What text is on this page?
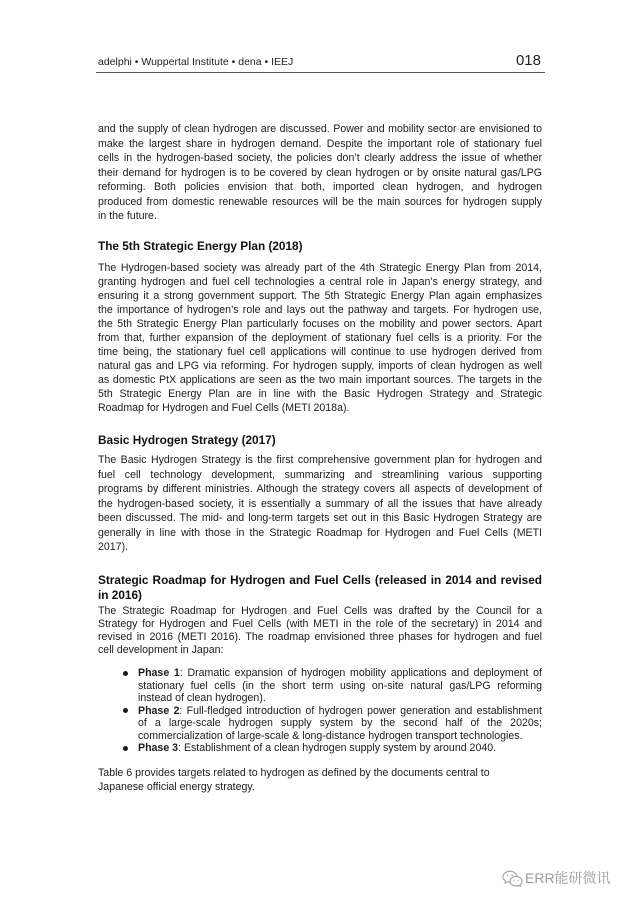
adelphi • Wuppertal Institute • dena • IEEJ	018
and the supply of clean hydrogen are discussed. Power and mobility sector are envisioned to
make the largest share in hydrogen demand. Despite the important role of stationary fuel
cells in the hydrogen-based society, the policies don’t clearly address the issue of whether
their demand for hydrogen is to be covered by clean hydrogen or by onsite natural gas/LPG
reforming. Both policies envision that both, imported clean hydrogen, and hydrogen
produced from domestic renewable resources will be the main sources for hydrogen supply
in the future.
The 5th Strategic Energy Plan (2018)
The Hydrogen-based society was already part of the 4th Strategic Energy Plan from 2014,
granting hydrogen and fuel cell technologies a central role in Japan’s energy strategy, and
ensuring it a strong government support. The 5th Strategic Energy Plan again emphasizes
the importance of hydrogen’s role and lays out the pathway and targets. For hydrogen use,
the 5th Strategic Energy Plan particularly focuses on the mobility and power sectors. Apart
from that, further expansion of the deployment of stationary fuel cells is a priority. For the
time being, the stationary fuel cell applications will continue to use hydrogen derived from
natural gas and LPG via reforming. For hydrogen supply, imports of clean hydrogen as well
as domestic PtX applications are seen as the two main important sources. The targets in the
5th Strategic Energy Plan are in line with the Basic Hydrogen Strategy and Strategic
Roadmap for Hydrogen and Fuel Cells (METI 2018a).
Basic Hydrogen Strategy (2017)
The Basic Hydrogen Strategy is the first comprehensive government plan for hydrogen and
fuel cell technology development, summarizing and streamlining various supporting
programs by different ministries. Although the strategy covers all aspects of development of
the hydrogen-based society, it is essentially a summary of all the issues that have already
been discussed. The mid- and long-term targets set out in this Basic Hydrogen Strategy are
generally in line with those in the Strategic Roadmap for Hydrogen and Fuel Cells (METI
2017).
Strategic Roadmap for Hydrogen and Fuel Cells (released in 2014 and revised
in 2016)
The Strategic Roadmap for Hydrogen and Fuel Cells was drafted by the Council for a
Strategy for Hydrogen and Fuel Cells (with METI in the role of the secretary) in 2014 and
revised in 2016 (METI 2016). The roadmap envisioned three phases for hydrogen and fuel
cell development in Japan:
Phase 1: Dramatic expansion of hydrogen mobility applications and deployment of
stationary fuel cells (in the short term using on-site natural gas/LPG reforming
instead of clean hydrogen).
Phase 2: Full-fledged introduction of hydrogen power generation and establishment
of a large-scale hydrogen supply system by the second half of the 2020s;
commercialization of large-scale & long-distance hydrogen transport technologies.
Phase 3: Establishment of a clean hydrogen supply system by around 2040.
Table 6 provides targets related to hydrogen as defined by the documents central to
Japanese official energy strategy.
ERR能研微讯
